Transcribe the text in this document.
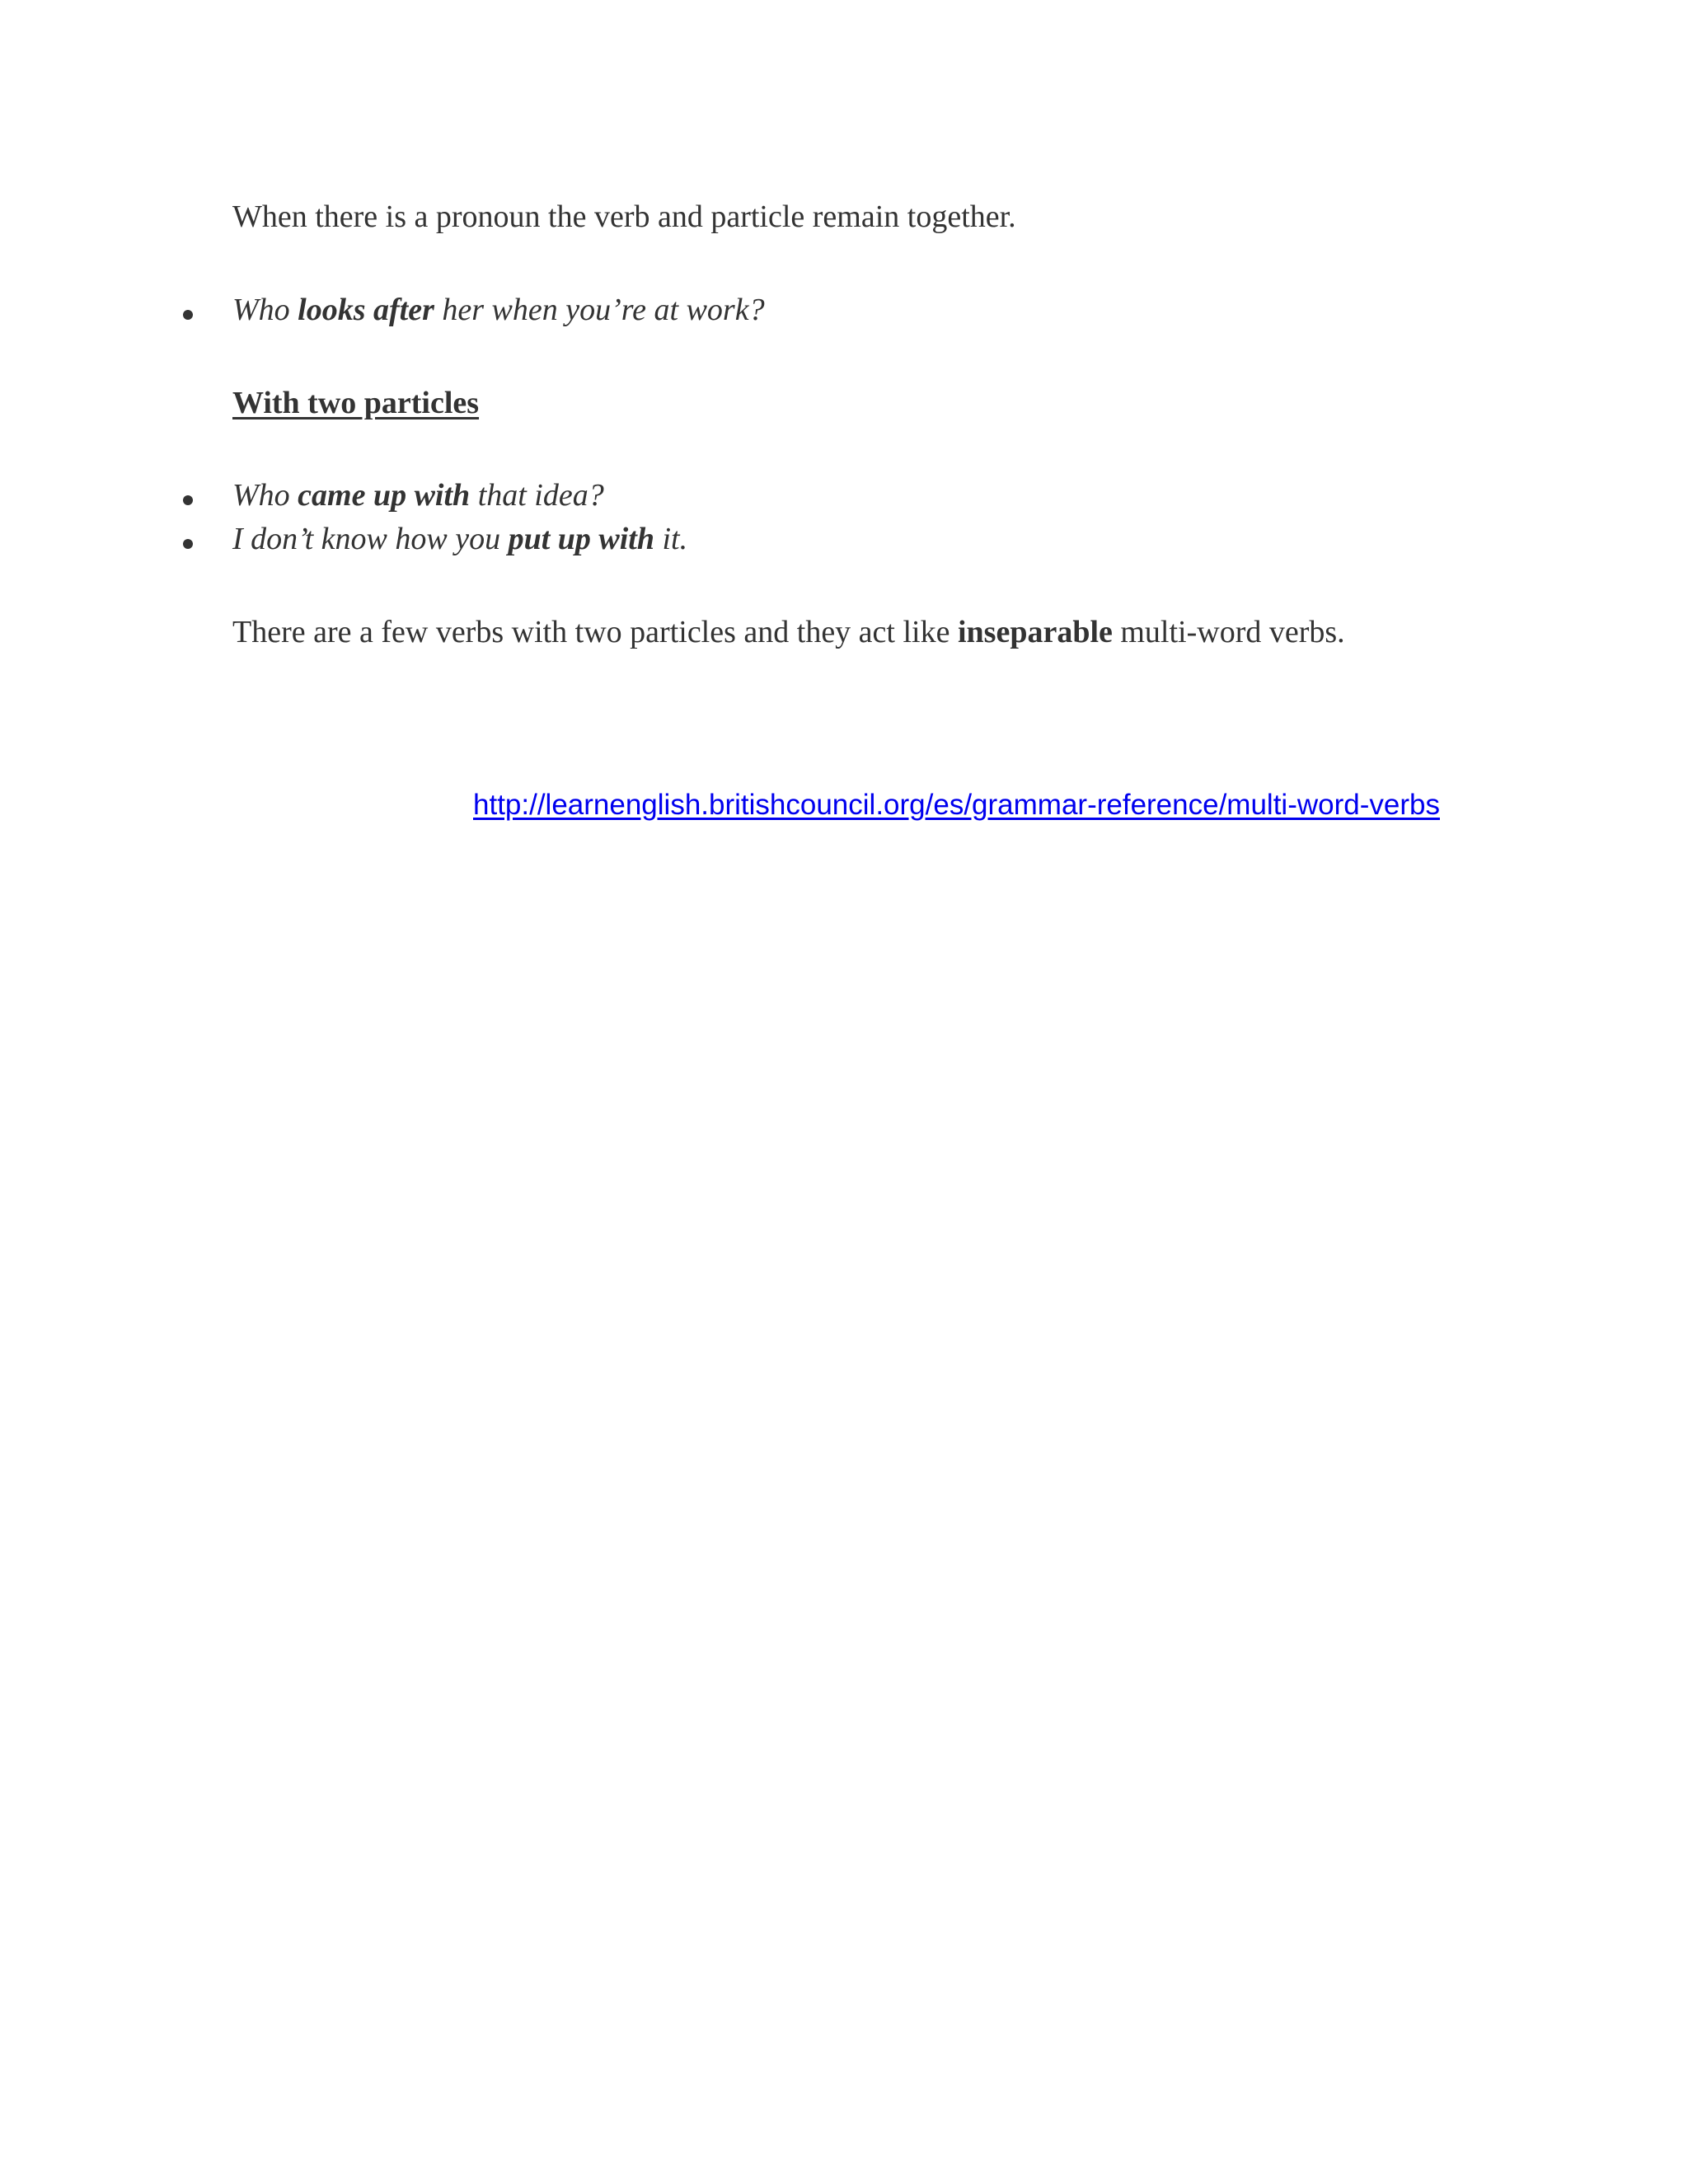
When there is a pronoun the verb and particle remain together.
Who looks after her when you’re at work?
With two particles
Who came up with that idea?
I don’t know how you put up with it.
There are a few verbs with two particles and they act like inseparable multi-word verbs.
http://learnenglish.britishcouncil.org/es/grammar-reference/multi-word-verbs
